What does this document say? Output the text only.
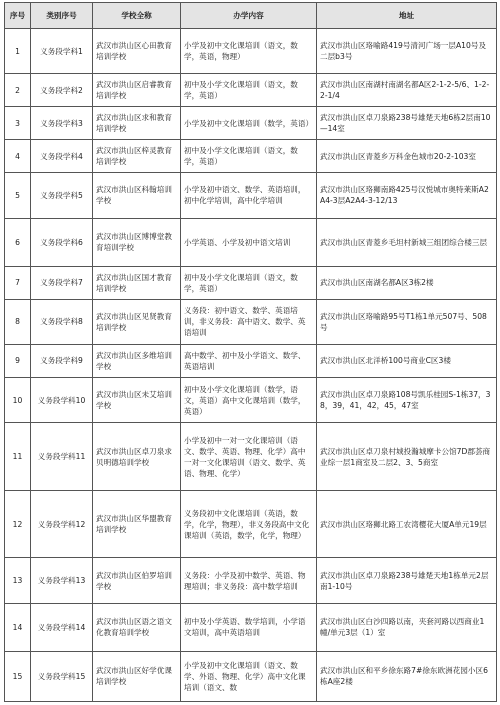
序号	类别序号	学校全称	办学内容	地址
1	义务段学科1	武汉市洪山区心田教育培训学校	小学及初中文化课培训（语文，数学，英语，物理）	武汉市洪山区珞喻路419号清河广场一层A10号及二层b3号
2	义务段学科2	武汉市洪山区启睿教育培训学校	初中及小学文化课培训（语文，数学，英语）	武汉市洪山区南湖村南湖名都A区2-1-2-5/6、1-2-2-1/4
3	义务段学科3	武汉市洪山区求和教育培训学校	小学及初中文化课培训（数学，英语）	武汉市洪山区卓刀泉路238号雄楚天地6栋2层南10—14室
4	义务段学科4	武汉市洪山区梓灵教育培训学校	初中及小学文化课培训（语文，数学，英语）	武汉市洪山区青菱乡万科金色城市20-2-103室
5	义务段学科5	武汉市洪山区科翰培训学校	小学及初中语文、数学、英语培训，初中化学培训，高中化学培训	武汉市洪山区珞狮南路425号汉悦城市奥特莱斯A2A4-3层A2A4-3-12/13
6	义务段学科6	武汉市洪山区博博堂教育培训学校	小学英语、小学及初中语文培训	武汉市洪山区青菱乡毛坦村新城三组团综合楼三层
7	义务段学科7	武汉市洪山区国才教育培训学校	初中及小学文化课培训（语文，数学，英语）	武汉市洪山区南湖名都A区3栋2楼
8	义务段学科8	武汉市洪山区见贤教育培训学校	义务段：初中语文、数学、英语培训，非义务段：高中语文、数学、英语培训	武汉市洪山区珞喻路95号T1栋1单元507号、508号
9	义务段学科9	武汉市洪山区多维培训学校	高中数学、初中及小学语文、数学、英语培训	武汉市洪山区北洋桥100号商业C区3楼
10	义务段学科10	武汉市洪山区未艾培训学校	初中及小学文化课培训（数学，语文，英语）高中文化课培训（数学，英语）	武汉市洪山区卓刀泉路108号凯乐桂园S-1栋37，38，39，41，42，45，47室
11	义务段学科11	武汉市洪山区卓刀泉求贝明德培训学校	小学及初中一对一文化课培训（语文、数学、英语、物理、化学）高中一对一文化课培训（语文、数学、英语、物理、化学）	武汉市洪山区卓刀泉村城投瀚城摩卡公馆7D郡荟商业综一层1商室及二层2、3、5商室
12	义务段学科12	武汉市洪山区华盟教育培训学校	义务段初中文化课培训（英语，数学，化学，物理），非义务段高中文化课培训（英语，数学，化学，物理）	武汉市洪山区珞狮北路工农湾樱花大厦A单元19层
13	义务段学科13	武汉市洪山区伯罗培训学校	义务段：小学及初中数学、英语、物理培训；非义务段：高中数学培训	武汉市洪山区卓刀泉路238号雄楚天地1栋单元2层南1-10号
14	义务段学科14	武汉市洪山区语之语文化教育培训学校	初中及小学英语、数学培训，小学语文培训，高中英语培训	武汉市洪山区白沙四路以南，夹套河路以西商业1幢/单元3层（1）室
15	义务段学科15	武汉市洪山区好学优课培训学校	小学及初中文化课培训（语文、数学、外语、物理、化学）高中文化课培训（语文、数	武汉市洪山区和平乡徐东路7#徐东欧洲花园小区6栋A座2楼
